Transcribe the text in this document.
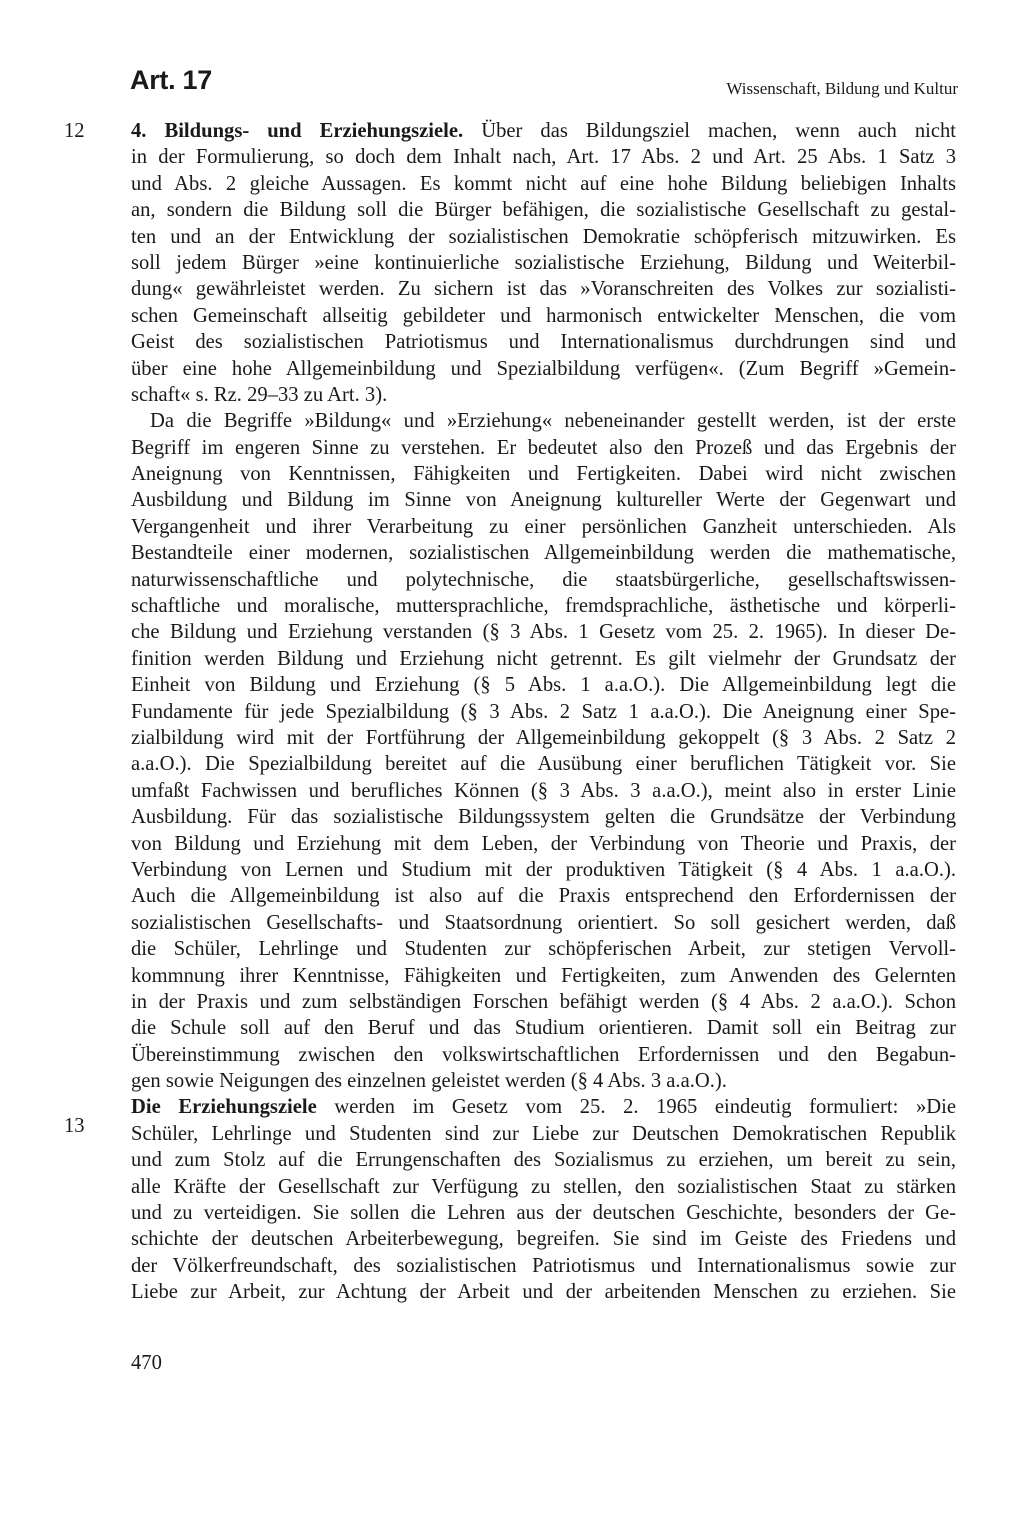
Art. 17	Wissenschaft, Bildung und Kultur
12
13
4. Bildungs- und Erziehungsziele. Über das Bildungsziel machen, wenn auch nicht
in der Formulierung, so doch dem Inhalt nach, Art. 17 Abs. 2 und Art. 25 Abs. 1 Satz 3
und Abs. 2 gleiche Aussagen. Es kommt nicht auf eine hohe Bildung beliebigen Inhalts
an, sondern die Bildung soll die Bürger befähigen, die sozialistische Gesellschaft zu gestal-
ten und an der Entwicklung der sozialistischen Demokratie schöpferisch mitzuwirken. Es
soll jedem Bürger »eine kontinuierliche sozialistische Erziehung, Bildung und Weiterbil-
dung« gewährleistet werden. Zu sichern ist das »Voranschreiten des Volkes zur sozialisti-
schen Gemeinschaft allseitig gebildeter und harmonisch entwickelter Menschen, die vom
Geist des sozialistischen Patriotismus und Internationalismus durchdrungen sind und
über eine hohe Allgemeinbildung und Spezialbildung verfügen«. (Zum Begriff »Gemein-
schaft« s. Rz. 29–33 zu Art. 3).
Da die Begriffe »Bildung« und »Erziehung« nebeneinander gestellt werden, ist der erste
Begriff im engeren Sinne zu verstehen. Er bedeutet also den Prozeß und das Ergebnis der
Aneignung von Kenntnissen, Fähigkeiten und Fertigkeiten. Dabei wird nicht zwischen
Ausbildung und Bildung im Sinne von Aneignung kultureller Werte der Gegenwart und
Vergangenheit und ihrer Verarbeitung zu einer persönlichen Ganzheit unterschieden. Als
Bestandteile einer modernen, sozialistischen Allgemeinbildung werden die mathematische,
naturwissenschaftliche und polytechnische, die staatsbürgerliche, gesellschaftswissen-
schaftliche und moralische, muttersprachliche, fremdsprachliche, ästhetische und körperli-
che Bildung und Erziehung verstanden (§ 3 Abs. 1 Gesetz vom 25. 2. 1965). In dieser De-
finition werden Bildung und Erziehung nicht getrennt. Es gilt vielmehr der Grundsatz der
Einheit von Bildung und Erziehung (§ 5 Abs. 1 a.a.O.). Die Allgemeinbildung legt die
Fundamente für jede Spezialbildung (§ 3 Abs. 2 Satz 1 a.a.O.). Die Aneignung einer Spe-
zialbildung wird mit der Fortführung der Allgemeinbildung gekoppelt (§ 3 Abs. 2 Satz 2
a.a.O.). Die Spezialbildung bereitet auf die Ausübung einer beruflichen Tätigkeit vor. Sie
umfaßt Fachwissen und berufliches Können (§ 3 Abs. 3 a.a.O.), meint also in erster Linie
Ausbildung. Für das sozialistische Bildungssystem gelten die Grundsätze der Verbindung
von Bildung und Erziehung mit dem Leben, der Verbindung von Theorie und Praxis, der
Verbindung von Lernen und Studium mit der produktiven Tätigkeit (§ 4 Abs. 1 a.a.O.).
Auch die Allgemeinbildung ist also auf die Praxis entsprechend den Erfordernissen der
sozialistischen Gesellschafts- und Staatsordnung orientiert. So soll gesichert werden, daß
die Schüler, Lehrlinge und Studenten zur schöpferischen Arbeit, zur stetigen Vervoll-
kommnung ihrer Kenntnisse, Fähigkeiten und Fertigkeiten, zum Anwenden des Gelernten
in der Praxis und zum selbständigen Forschen befähigt werden (§ 4 Abs. 2 a.a.O.). Schon
die Schule soll auf den Beruf und das Studium orientieren. Damit soll ein Beitrag zur
Übereinstimmung zwischen den volkswirtschaftlichen Erfordernissen und den Begabun-
gen sowie Neigungen des einzelnen geleistet werden (§ 4 Abs. 3 a.a.O.).
Die Erziehungsziele werden im Gesetz vom 25. 2. 1965 eindeutig formuliert: »Die
Schüler, Lehrlinge und Studenten sind zur Liebe zur Deutschen Demokratischen Republik
und zum Stolz auf die Errungenschaften des Sozialismus zu erziehen, um bereit zu sein,
alle Kräfte der Gesellschaft zur Verfügung zu stellen, den sozialistischen Staat zu stärken
und zu verteidigen. Sie sollen die Lehren aus der deutschen Geschichte, besonders der Ge-
schichte der deutschen Arbeiterbewegung, begreifen. Sie sind im Geiste des Friedens und
der Völkerfreundschaft, des sozialistischen Patriotismus und Internationalismus sowie zur
Liebe zur Arbeit, zur Achtung der Arbeit und der arbeitenden Menschen zu erziehen. Sie
470
